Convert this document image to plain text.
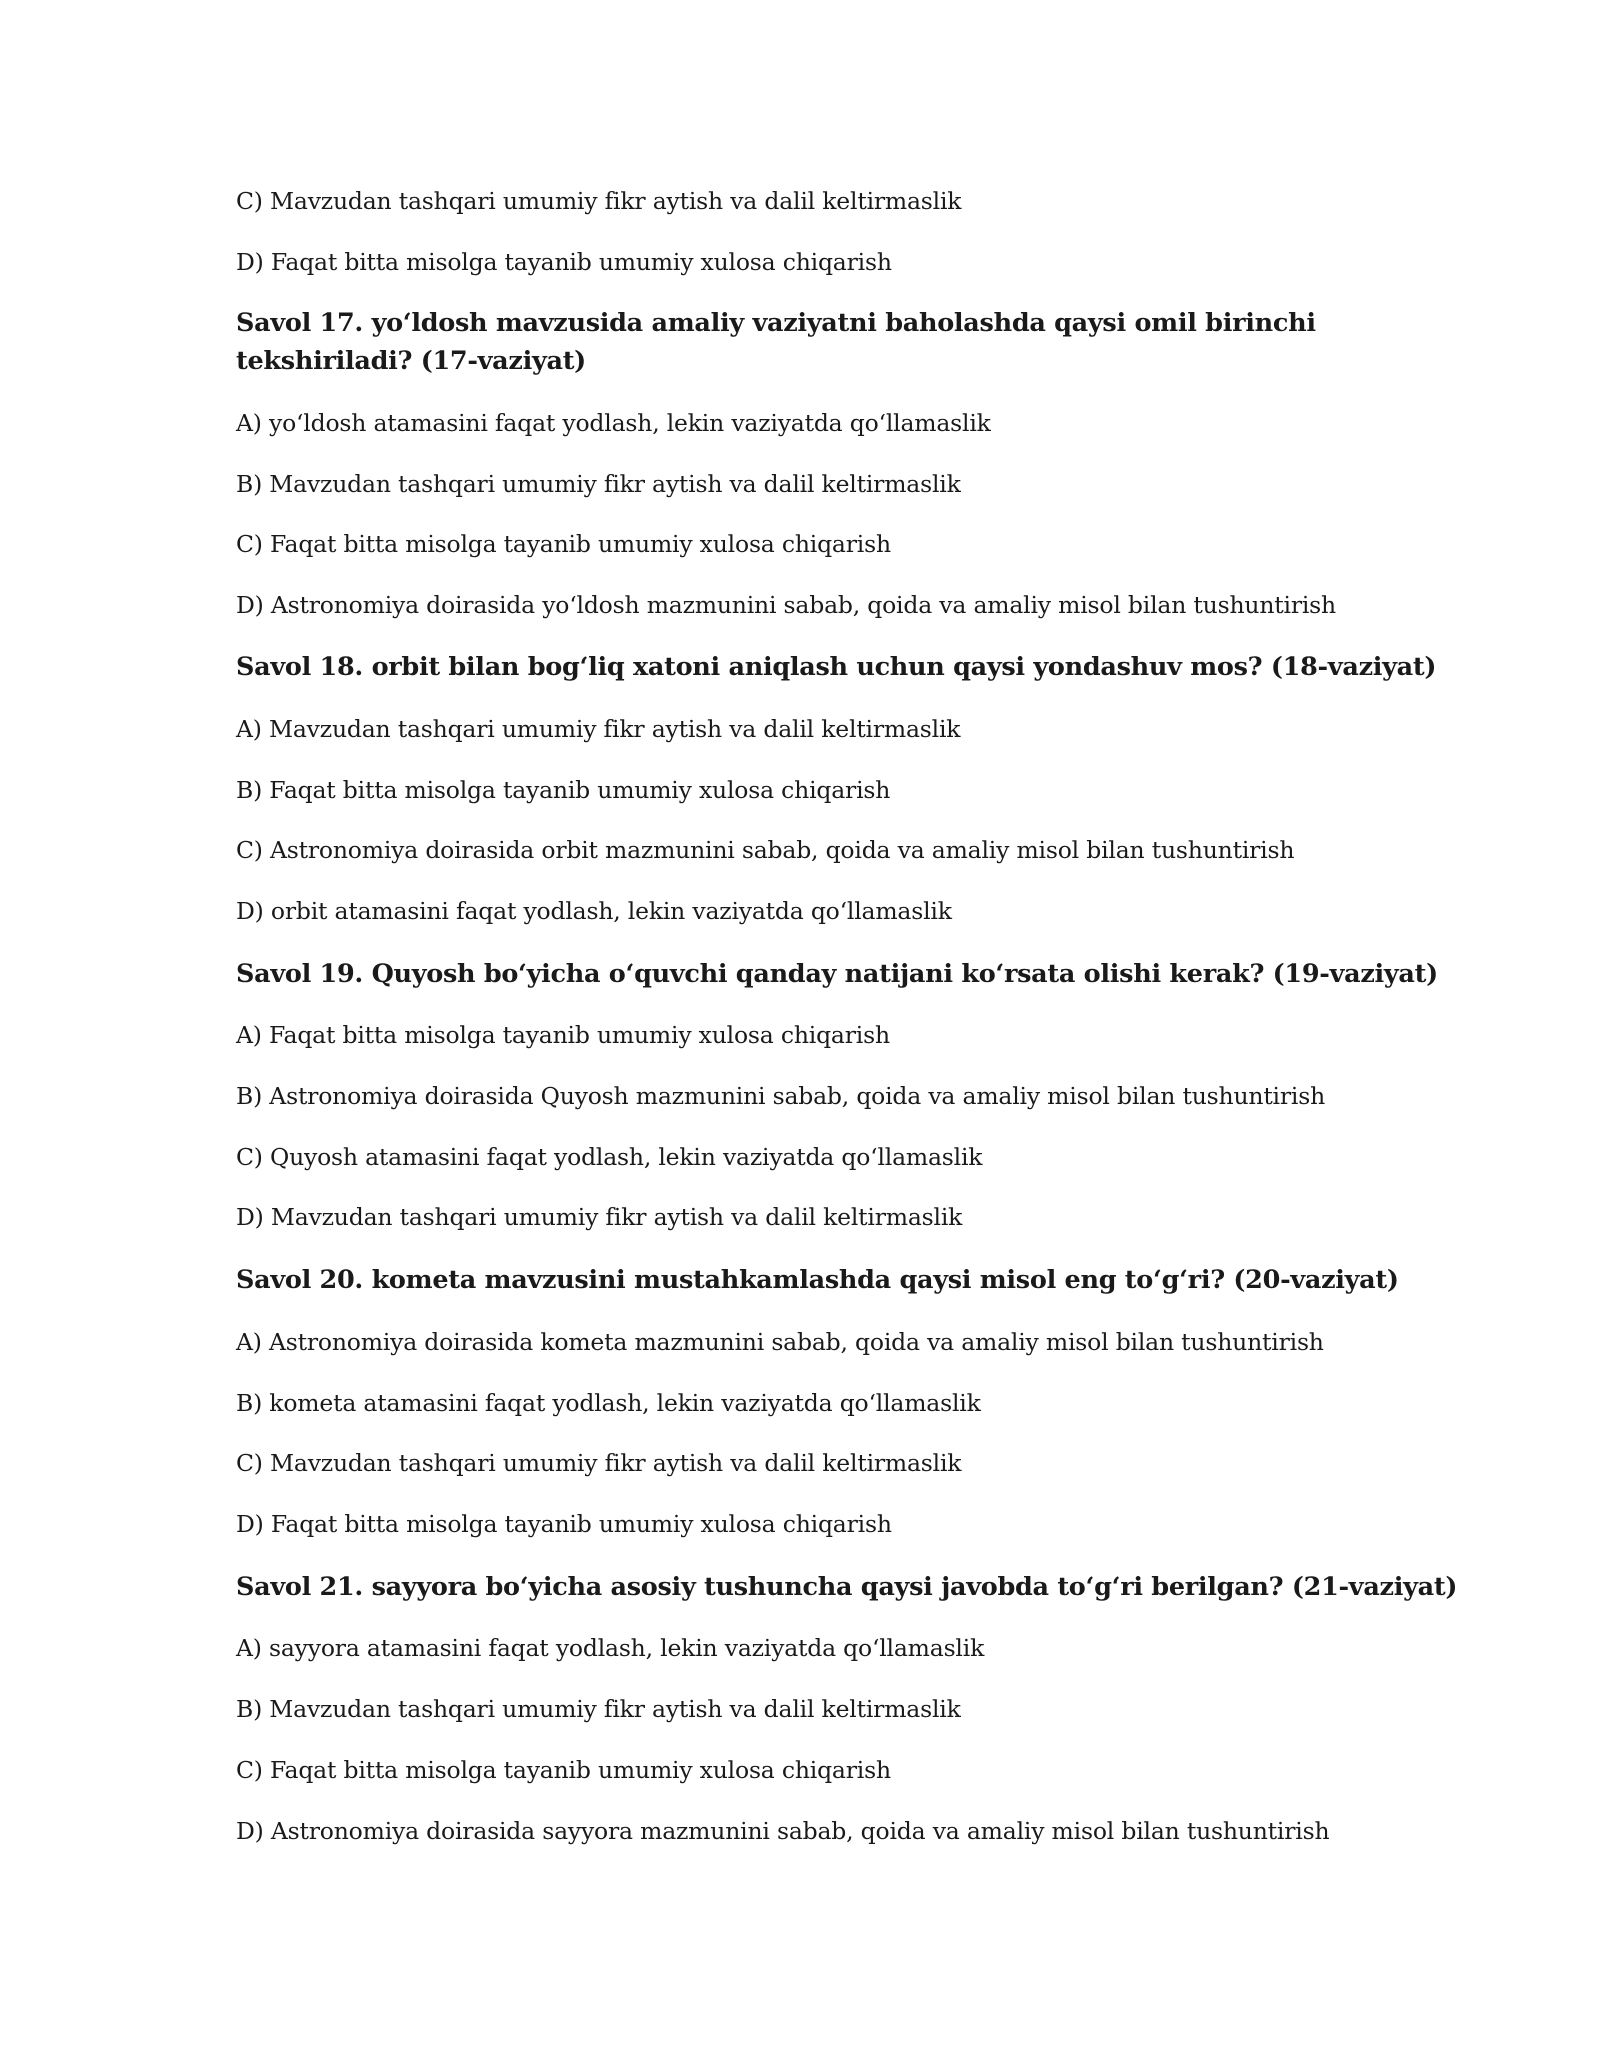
C) Mavzudan tashqari umumiy fikr aytish va dalil keltirmaslik
D) Faqat bitta misolga tayanib umumiy xulosa chiqarish
Savol 17. yo‘ldosh mavzusida amaliy vaziyatni baholashda qaysi omil birinchi
tekshiriladi? (17-vaziyat)
A) yo‘ldosh atamasini faqat yodlash, lekin vaziyatda qo‘llamaslik
B) Mavzudan tashqari umumiy fikr aytish va dalil keltirmaslik
C) Faqat bitta misolga tayanib umumiy xulosa chiqarish
D) Astronomiya doirasida yo‘ldosh mazmunini sabab, qoida va amaliy misol bilan tushuntirish
Savol 18. orbit bilan bog‘liq xatoni aniqlash uchun qaysi yondashuv mos? (18-vaziyat)
A) Mavzudan tashqari umumiy fikr aytish va dalil keltirmaslik
B) Faqat bitta misolga tayanib umumiy xulosa chiqarish
C) Astronomiya doirasida orbit mazmunini sabab, qoida va amaliy misol bilan tushuntirish
D) orbit atamasini faqat yodlash, lekin vaziyatda qo‘llamaslik
Savol 19. Quyosh bo‘yicha o‘quvchi qanday natijani ko‘rsata olishi kerak? (19-vaziyat)
A) Faqat bitta misolga tayanib umumiy xulosa chiqarish
B) Astronomiya doirasida Quyosh mazmunini sabab, qoida va amaliy misol bilan tushuntirish
C) Quyosh atamasini faqat yodlash, lekin vaziyatda qo‘llamaslik
D) Mavzudan tashqari umumiy fikr aytish va dalil keltirmaslik
Savol 20. kometa mavzusini mustahkamlashda qaysi misol eng to‘g‘ri? (20-vaziyat)
A) Astronomiya doirasida kometa mazmunini sabab, qoida va amaliy misol bilan tushuntirish
B) kometa atamasini faqat yodlash, lekin vaziyatda qo‘llamaslik
C) Mavzudan tashqari umumiy fikr aytish va dalil keltirmaslik
D) Faqat bitta misolga tayanib umumiy xulosa chiqarish
Savol 21. sayyora bo‘yicha asosiy tushuncha qaysi javobda to‘g‘ri berilgan? (21-vaziyat)
A) sayyora atamasini faqat yodlash, lekin vaziyatda qo‘llamaslik
B) Mavzudan tashqari umumiy fikr aytish va dalil keltirmaslik
C) Faqat bitta misolga tayanib umumiy xulosa chiqarish
D) Astronomiya doirasida sayyora mazmunini sabab, qoida va amaliy misol bilan tushuntirish
